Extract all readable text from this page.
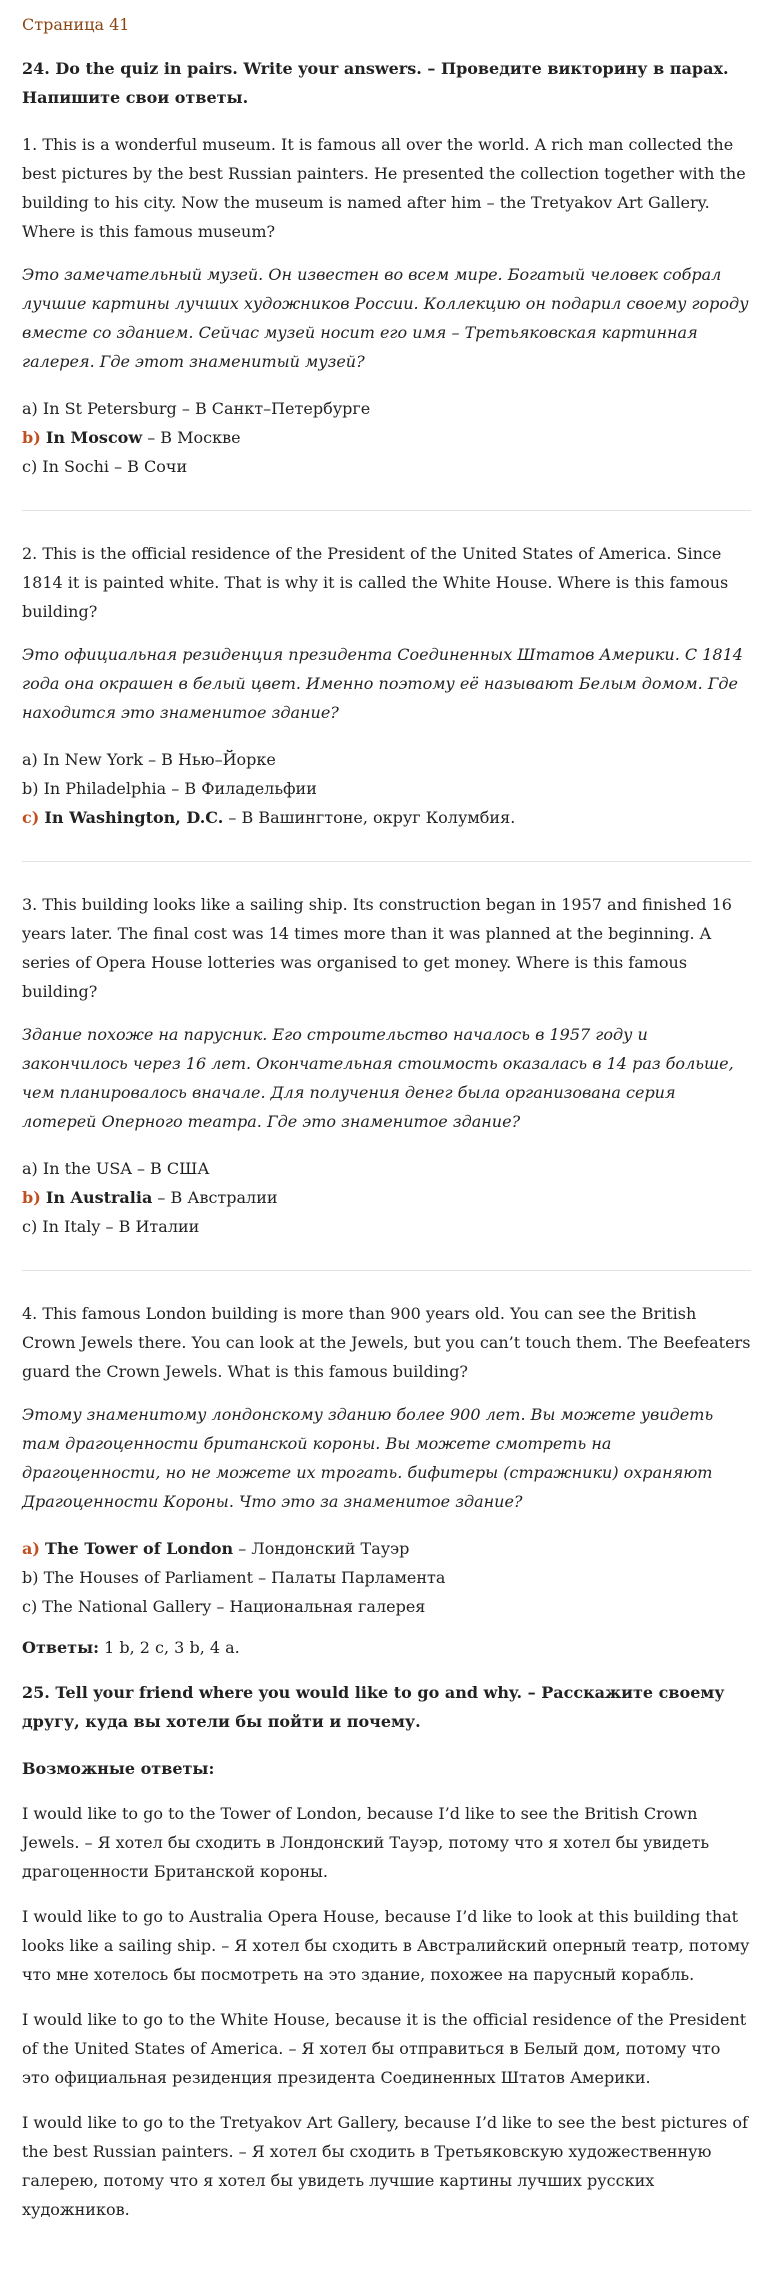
Страница 41

24. Do the quiz in pairs. Write your answers. – Проведите викторину в парах. Напишите свои ответы.

1. This is a wonderful museum. It is famous all over the world. A rich man collected the best pictures by the best Russian painters. He presented the collection together with the building to his city. Now the museum is named after him – the Tretyakov Art Gallery. Where is this famous museum?

Это замечательный музей. Он известен во всем мире. Богатый человек собрал лучшие картины лучших художников России. Коллекцию он подарил своему городу вместе со зданием. Сейчас музей носит его имя – Третьяковская картинная галерея. Где этот знаменитый музей?

a) In St Petersburg – В Санкт–Петербурге
b) In Moscow – В Москве
c) In Sochi – В Сочи

2. This is the official residence of the President of the United States of America. Since 1814 it is painted white. That is why it is called the White House. Where is this famous building?

Это официальная резиденция президента Соединенных Штатов Америки. С 1814 года она окрашен в белый цвет. Именно поэтому её называют Белым домом. Где находится это знаменитое здание?

a) In New York – В Нью–Йорке
b) In Philadelphia – В Филадельфии
c) In Washington, D.C. – В Вашингтоне, округ Колумбия.

3. This building looks like a sailing ship. Its construction began in 1957 and finished 16 years later. The final cost was 14 times more than it was planned at the beginning. A series of Opera House lotteries was organised to get money. Where is this famous building?

Здание похоже на парусник. Его строительство началось в 1957 году и закончилось через 16 лет. Окончательная стоимость оказалась в 14 раз больше, чем планировалось вначале. Для получения денег была организована серия лотерей Оперного театра. Где это знаменитое здание?

a) In the USA – В США
b) In Australia – В Австралии
c) In Italy – В Италии

4. This famous London building is more than 900 years old. You can see the British Crown Jewels there. You can look at the Jewels, but you can’t touch them. The Beefeaters guard the Crown Jewels. What is this famous building?

Этому знаменитому лондонскому зданию более 900 лет. Вы можете увидеть там драгоценности британской короны. Вы можете смотреть на драгоценности, но не можете их трогать. бифитеры (стражники) охраняют Драгоценности Короны. Что это за знаменитое здание?

a) The Tower of London – Лондонский Тауэр
b) The Houses of Parliament – Палаты Парламента
c) The National Gallery – Национальная галерея

Ответы: 1 b, 2 c, 3 b, 4 a.

25. Tell your friend where you would like to go and why. – Расскажите своему другу, куда вы хотели бы пойти и почему.

Возможные ответы:

I would like to go to the Tower of London, because I’d like to see the British Crown Jewels. – Я хотел бы сходить в Лондонский Тауэр, потому что я хотел бы увидеть драгоценности Британской короны.

I would like to go to Australia Opera House, because I’d like to look at this building that looks like a sailing ship. – Я хотел бы сходить в Австралийский оперный театр, потому что мне хотелось бы посмотреть на это здание, похожее на парусный корабль.

I would like to go to the White House, because it is the official residence of the President of the United States of America. – Я хотел бы отправиться в Белый дом, потому что это официальная резиденция президента Соединенных Штатов Америки.

I would like to go to the Tretyakov Art Gallery, because I’d like to see the best pictures of the best Russian painters. – Я хотел бы сходить в Третьяковскую художественную галерею, потому что я хотел бы увидеть лучшие картины лучших русских художников.
